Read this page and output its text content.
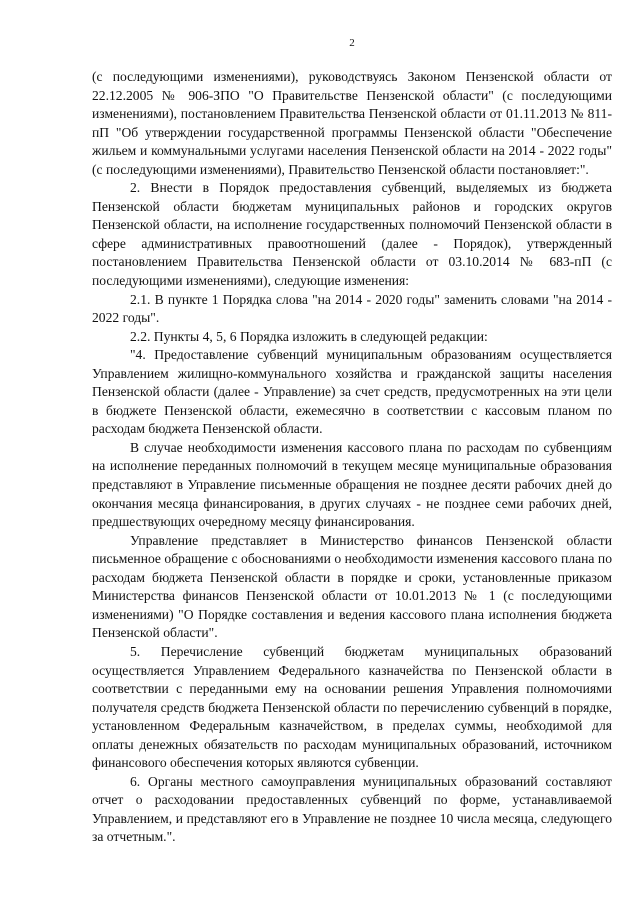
2

(с последующими изменениями), руководствуясь Законом Пензенской области от 22.12.2005 № 906-ЗПО "О Правительстве Пензенской области" (с последующими изменениями), постановлением Правительства Пензенской области от 01.11.2013 № 811-пП "Об утверждении государственной программы Пензенской области "Обеспечение жильем и коммунальными услугами населения Пензенской области на 2014 - 2022 годы" (с последующими изменениями), Правительство Пензенской области постановляет:".

2. Внести в Порядок предоставления субвенций, выделяемых из бюджета Пензенской области бюджетам муниципальных районов и городских округов Пензенской области, на исполнение государственных полномочий Пензенской области в сфере административных правоотношений (далее - Порядок), утвержденный постановлением Правительства Пензенской области от 03.10.2014 № 683-пП (с последующими изменениями), следующие изменения:

2.1. В пункте 1 Порядка слова "на 2014 - 2020 годы" заменить словами "на 2014 - 2022 годы".

2.2. Пункты 4, 5, 6 Порядка изложить в следующей редакции:

"4. Предоставление субвенций муниципальным образованиям осуществляется Управлением жилищно-коммунального хозяйства и гражданской защиты населения Пензенской области (далее - Управление) за счет средств, предусмотренных на эти цели в бюджете Пензенской области, ежемесячно в соответствии с кассовым планом по расходам бюджета Пензенской области.

В случае необходимости изменения кассового плана по расходам по субвенциям на исполнение переданных полномочий в текущем месяце муниципальные образования представляют в Управление письменные обращения не позднее десяти рабочих дней до окончания месяца финансирования, в других случаях - не позднее семи рабочих дней, предшествующих очередному месяцу финансирования.

Управление представляет в Министерство финансов Пензенской области письменное обращение с обоснованиями о необходимости изменения кассового плана по расходам бюджета Пензенской области в порядке и сроки, установленные приказом Министерства финансов Пензенской области от 10.01.2013 № 1 (с последующими изменениями) "О Порядке составления и ведения кассового плана исполнения бюджета Пензенской области".

5. Перечисление субвенций бюджетам муниципальных образований осуществляется Управлением Федерального казначейства по Пензенской области в соответствии с переданными ему на основании решения Управления полномочиями получателя средств бюджета Пензенской области по перечислению субвенций в порядке, установленном Федеральным казначейством, в пределах суммы, необходимой для оплаты денежных обязательств по расходам муниципальных образований, источником финансового обеспечения которых являются субвенции.

6. Органы местного самоуправления муниципальных образований составляют отчет о расходовании предоставленных субвенций по форме, устанавливаемой Управлением, и представляют его в Управление не позднее 10 числа месяца, следующего за отчетным.".
